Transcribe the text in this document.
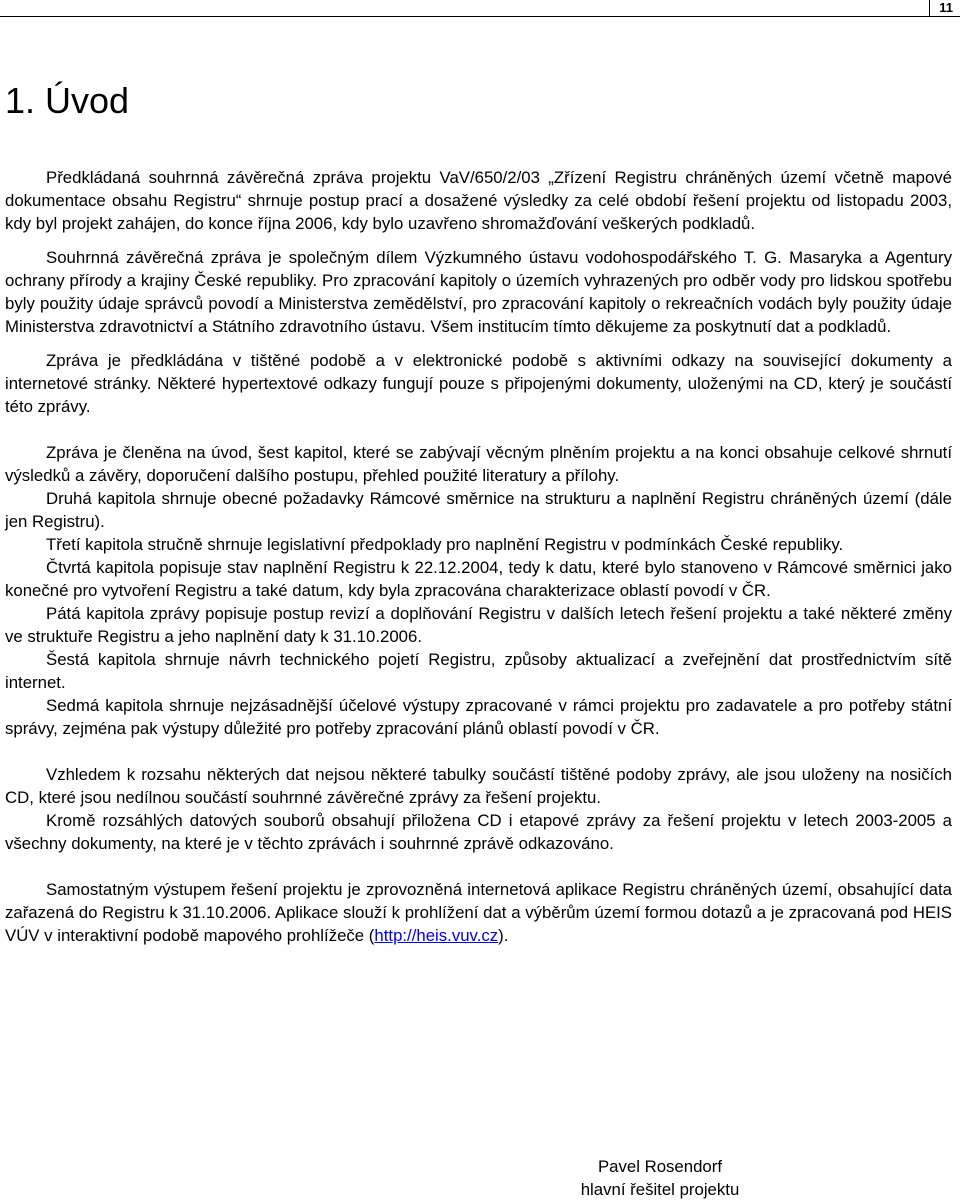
11
1. Úvod

Předkládaná souhrnná závěrečná zpráva projektu VaV/650/2/03 „Zřízení Registru chráněných území včetně mapové dokumentace obsahu Registru“ shrnuje postup prací a dosažené výsledky za celé období řešení projektu od listopadu 2003, kdy byl projekt zahájen, do konce října 2006, kdy bylo uzavřeno shromažďování veškerých podkladů.

Souhrnná závěrečná zpráva je společným dílem Výzkumného ústavu vodohospodářského T. G. Masaryka a Agentury ochrany přírody a krajiny České republiky. Pro zpracování kapitoly o územích vyhrazených pro odběr vody pro lidskou spotřebu byly použity údaje správců povodí a Ministerstva zemědělství, pro zpracování kapitoly o rekreačních vodách byly použity údaje Ministerstva zdravotnictví a Státního zdravotního ústavu. Všem institucím tímto děkujeme za poskytnutí dat a podkladů.

Zpráva je předkládána v tištěné podobě a v elektronické podobě s aktivními odkazy na související dokumenty a internetové stránky. Některé hypertextové odkazy fungují pouze s připojenými dokumenty, uloženými na CD, který je součástí této zprávy.

Zpráva je členěna na úvod, šest kapitol, které se zabývají věcným plněním projektu a na konci obsahuje celkové shrnutí výsledků a závěry, doporučení dalšího postupu, přehled použité literatury a přílohy.

Druhá kapitola shrnuje obecné požadavky Rámcové směrnice na strukturu a naplnění Registru chráněných území (dále jen Registru).

Třetí kapitola stručně shrnuje legislativní předpoklady pro naplnění Registru v podmínkách České republiky.

Čtvrtá kapitola popisuje stav naplnění Registru k 22.12.2004, tedy k datu, které bylo stanoveno v Rámcové směrnici jako konečné pro vytvoření Registru a také datum, kdy byla zpracována charakterizace oblastí povodí v ČR.

Pátá kapitola zprávy popisuje postup revizí a doplňování Registru v dalších letech řešení projektu a také některé změny ve struktuře Registru a jeho naplnění daty k 31.10.2006.

Šestá kapitola shrnuje návrh technického pojetí Registru, způsoby aktualizací a zveřejnění dat prostřednictvím sítě internet.

Sedmá kapitola shrnuje nejzásadnější účelové výstupy zpracované v rámci projektu pro zadavatele a pro potřeby státní správy, zejména pak výstupy důležité pro potřeby zpracování plánů oblastí povodí v ČR.

Vzhledem k rozsahu některých dat nejsou některé tabulky součástí tištěné podoby zprávy, ale jsou uloženy na nosičích CD, které jsou nedílnou součástí souhrnné závěrečné zprávy za řešení projektu.

Kromě rozsáhlých datových souborů obsahují přiložena CD i etapové zprávy za řešení projektu v letech 2003-2005 a všechny dokumenty, na které je v těchto zprávách i souhrnné zprávě odkazováno.

Samostatným výstupem řešení projektu je zprovozněná internetová aplikace Registru chráněných území, obsahující data zařazená do Registru k 31.10.2006. Aplikace slouží k prohlížení dat a výběrům území formou dotazů a je zpracovaná pod HEIS VÚV v interaktivní podobě mapového prohlížeče (http://heis.vuv.cz).

Pavel Rosendorf
hlavní řešitel projektu
